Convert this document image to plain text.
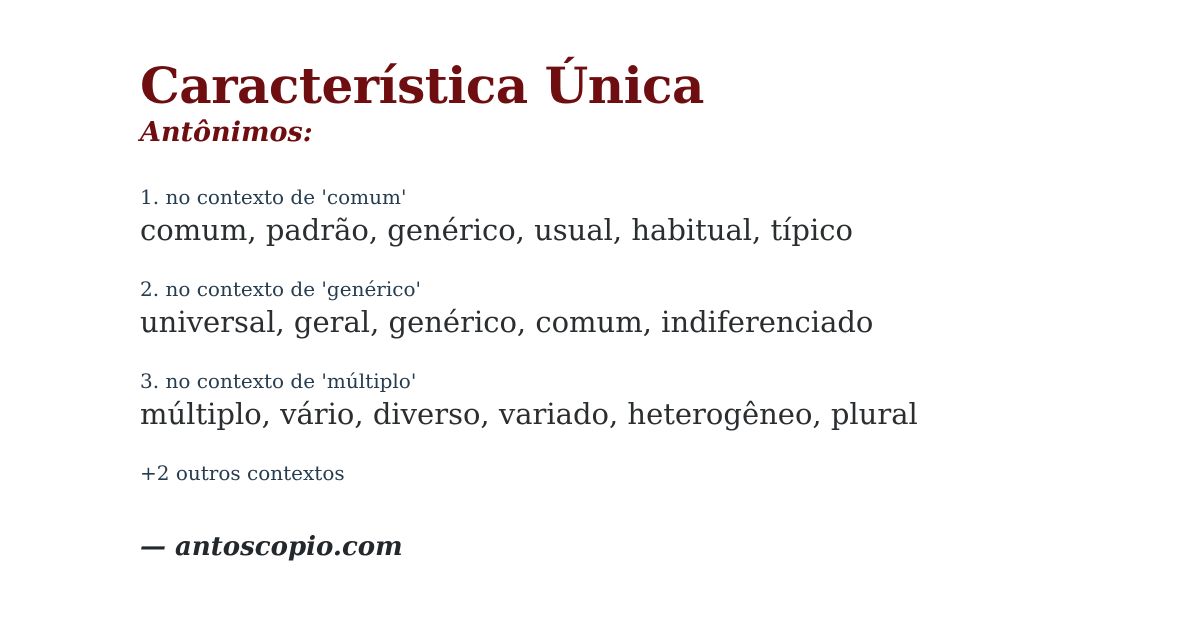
Característica Única
Antônimos:
1. no contexto de 'comum'
comum, padrão, genérico, usual, habitual, típico
2. no contexto de 'genérico'
universal, geral, genérico, comum, indiferenciado
3. no contexto de 'múltiplo'
múltiplo, vário, diverso, variado, heterogêneo, plural
+2 outros contextos
— antoscopio.com
